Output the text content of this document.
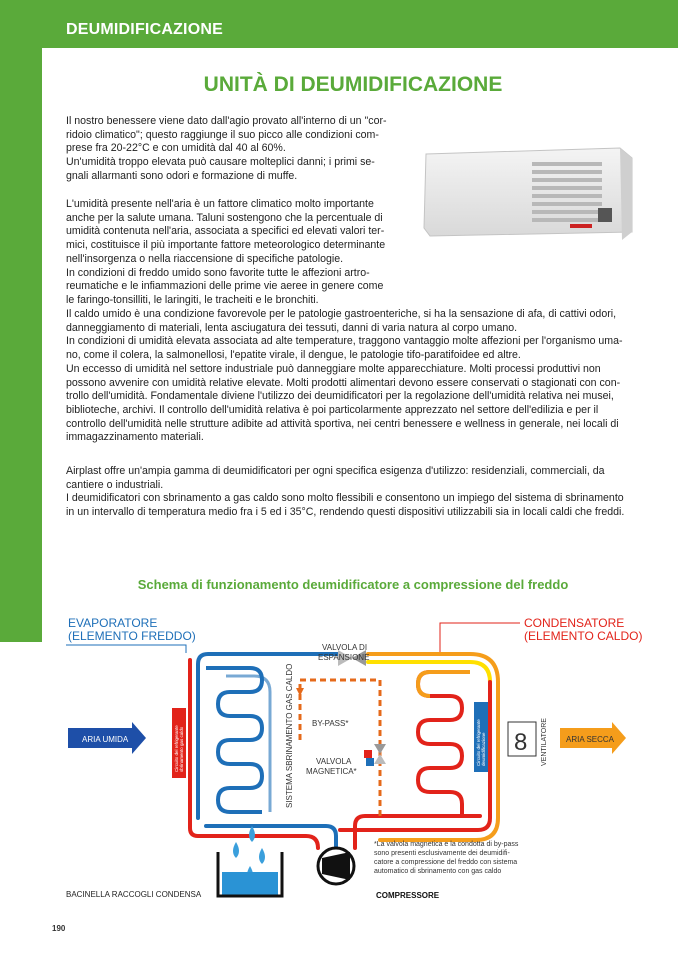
DEUMIDIFICAZIONE
UNITÀ DI DEUMIDIFICAZIONE
Il nostro benessere viene dato dall'agio provato all'interno di un "cor-
ridoio climatico"; questo raggiunge il suo picco alle condizioni com-
prese fra 20-22°C e con umidità dal 40 al 60%.
Un'umidità troppo elevata può causare molteplici danni; i primi se-
gnali allarmanti sono odori e formazione di muffe.
L'umidità presente nell'aria è un fattore climatico molto importante
anche per la salute umana. Taluni sostengono che la percentuale di
umidità contenuta nell'aria, associata a specifici ed elevati valori ter-
mici, costituisce il più importante fattore meteorologico determinante
nell'insorgenza o nella riaccensione di specifiche patologie.
In condizioni di freddo umido sono favorite tutte le affezioni artro-
reumatiche e le infiammazioni delle prime vie aeree in genere come
le faringo-tonsilliti, le laringiti, le tracheiti e le bronchiti.
Il caldo umido è una condizione favorevole per le patologie gastroenteriche, si ha la sensazione di afa, di cattivi odori,
danneggiamento di materiali, lenta asciugatura dei tessuti, danni di varia natura al corpo umano.
In condizioni di umidità elevata associata ad alte temperature, traggono vantaggio molte affezioni per l'organismo uma-
no, come il colera, la salmonellosi, l'epatite virale, il dengue, le patologie tifo-paratifoidee ed altre.
Un eccesso di umidità nel settore industriale può danneggiare molte apparecchiature. Molti processi produttivi non
possono avvenire con umidità relative elevate. Molti prodotti alimentari devono essere conservati o stagionati con con-
trollo dell'umidità. Fondamentale diviene l'utilizzo dei deumidificatori per la regolazione dell'umidità relativa nei musei,
biblioteche, archivi. Il controllo dell'umidità relativa è poi particolarmente apprezzato nel settore dell'edilizia e per il
controllo dell'umidità nelle strutture adibite ad attività sportiva, nei centri benessere e wellness in generale, nei locali di
immagazzinamento materiali.
Airplast offre un'ampia gamma di deumidificatori per ogni specifica esigenza d'utilizzo: residenziali, commerciali, da
cantiere o industriali.
I deumidificatori con sbrinamento a gas caldo sono molto flessibili e consentono un impiego del sistema di sbrinamento
in un intervallo di temperatura medio fra i 5 ed i 35°C, rendendo questi dispositivi utilizzabili sia in locali caldi che freddi.
Schema di funzionamento deumidificatore a compressione del freddo
EVAPORATORE
(ELEMENTO FREDDO)
CONDENSATORE
(ELEMENTO CALDO)
VALVOLA DI
ESPANSIONE
BY-PASS*
VALVOLA
MAGNETICA*
SISTEMA SBRINAMENTO GAS CALDO
Circuito del refrigerante sbrinamento gas caldo	Circuito del refrigerante deumidificazione
ARIA UMIDA	ARIA SECCA
8 VENTILATORE
*La valvola magnetica e la condotta di by-pass
sono presenti esclusivamente dei deumidifi-
catore a compressione del freddo con sistema
automatico di sbrinamento con gas caldo
BACINELLA RACCOGLI CONDENSA	COMPRESSORE
190
